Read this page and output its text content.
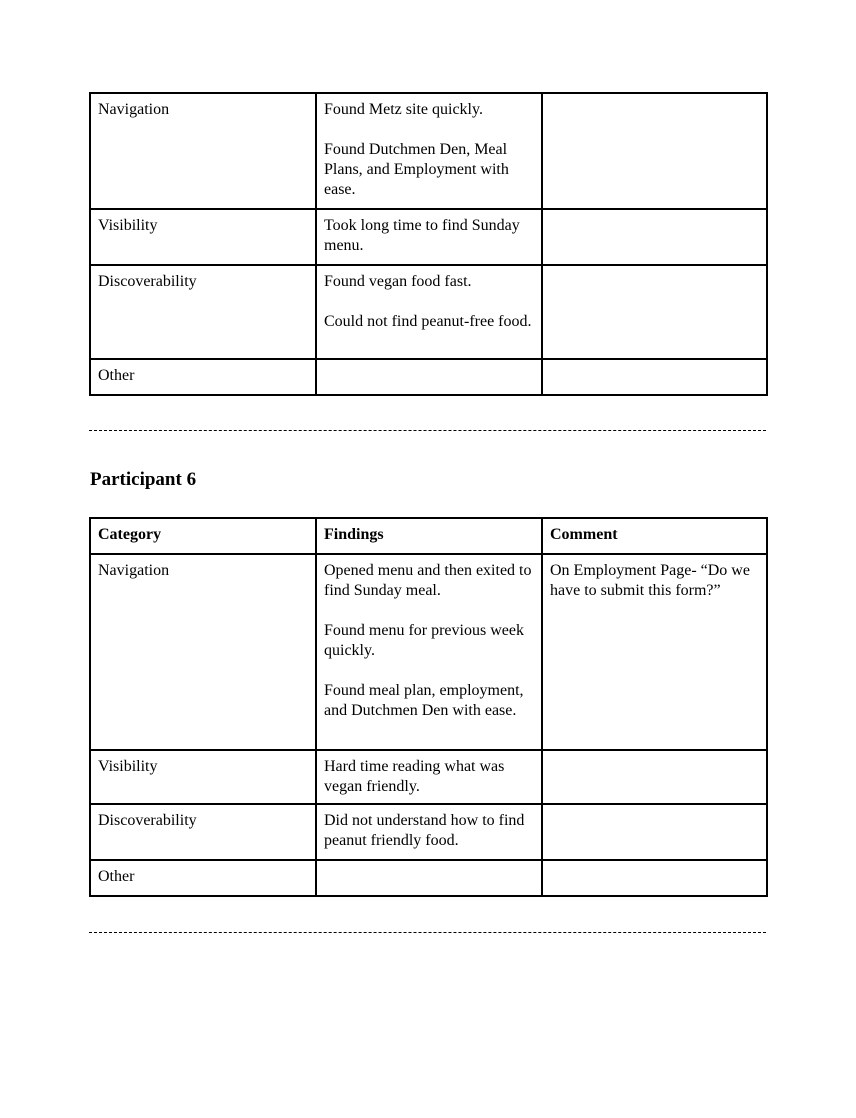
Navigation	Found Metz site quickly.

Found Dutchmen Den, Meal Plans, and Employment with ease.	

Visibility	Took long time to find Sunday menu.	

Discoverability	Found vegan food fast.

Could not find peanut-free food.	

Other		
Participant 6
Category	Findings	Comment
Navigation	Opened menu and then exited to find Sunday meal.

Found menu for previous week quickly.

Found meal plan, employment, and Dutchmen Den with ease.	On Employment Page- “Do we have to submit this form?”
Visibility	Hard time reading what was vegan friendly.	

Discoverability	Did not understand how to find peanut friendly food.	

Other		
